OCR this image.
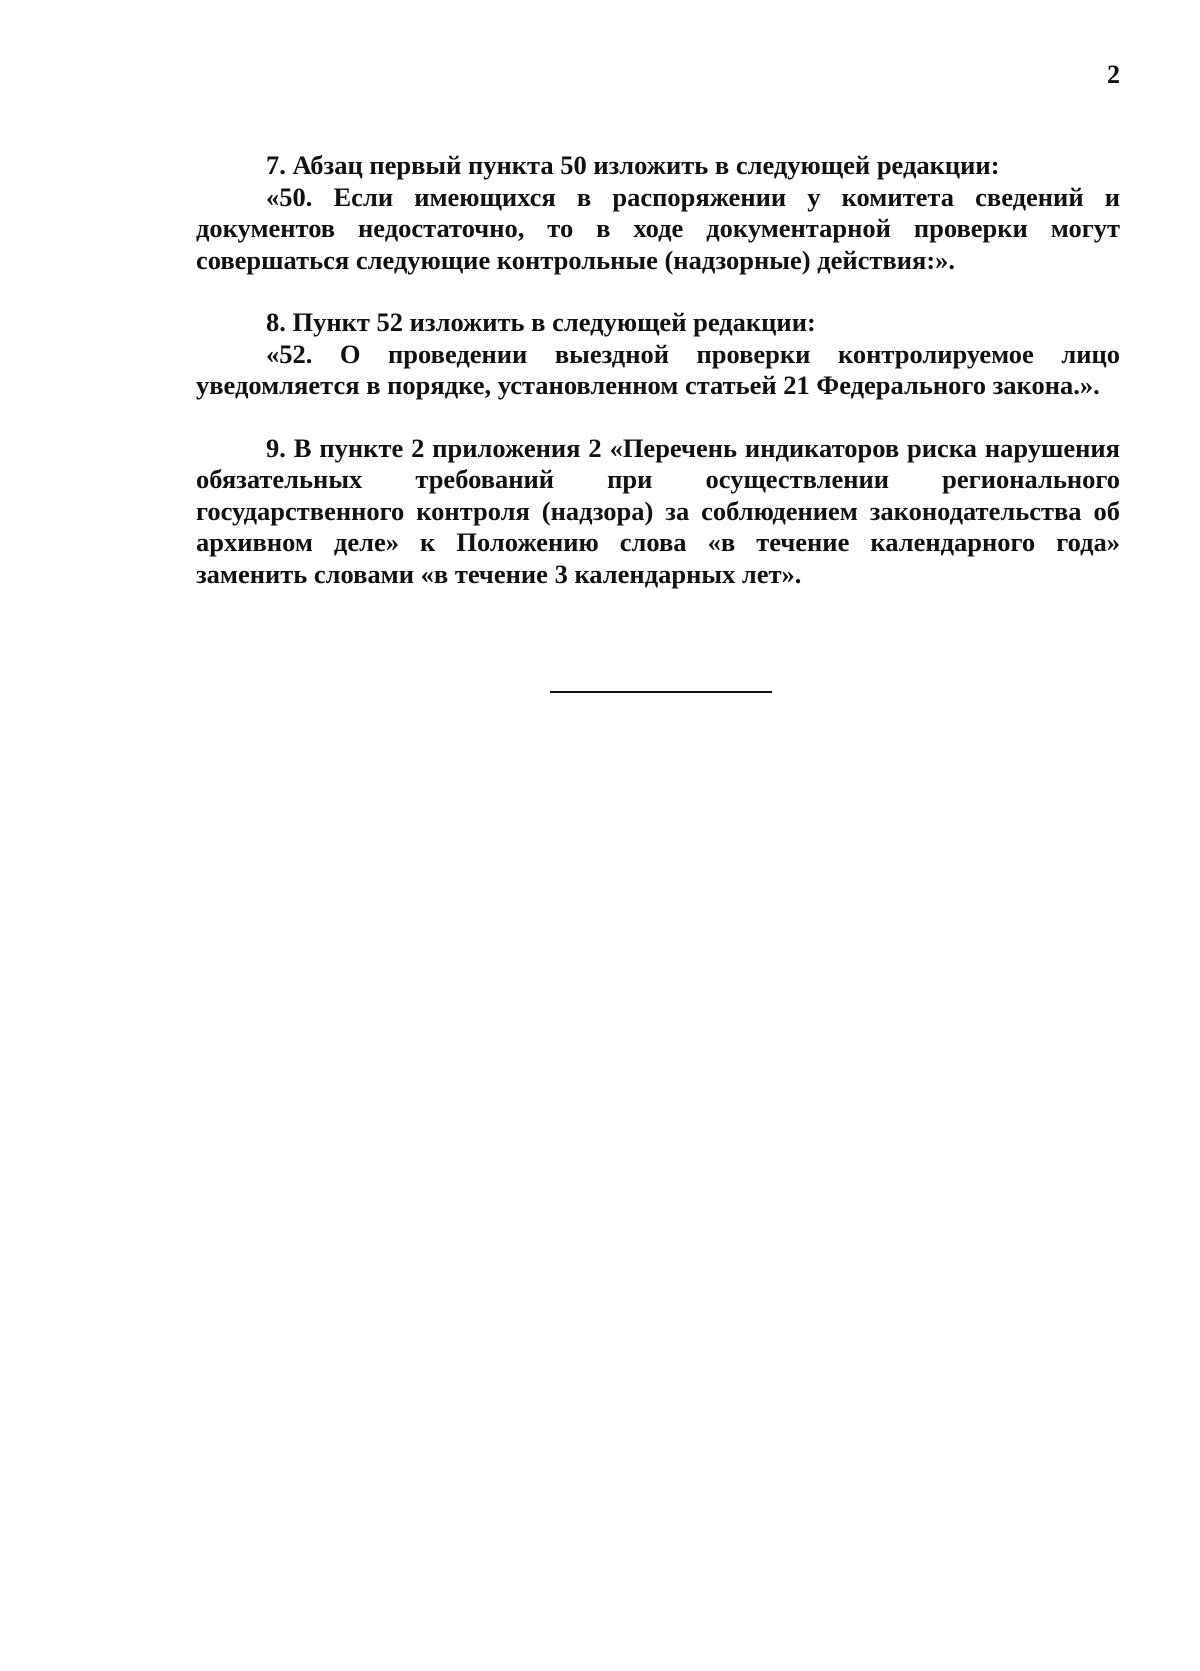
2

7. Абзац первый пункта 50 изложить в следующей редакции:

«50. Если имеющихся в распоряжении у комитета сведений и документов недостаточно, то в ходе документарной проверки могут совершаться следующие контрольные (надзорные) действия:».

8. Пункт 52 изложить в следующей редакции:

«52. О проведении выездной проверки контролируемое лицо уведомляется в порядке, установленном статьей 21 Федерального закона.».

9. В пункте 2 приложения 2 «Перечень индикаторов риска нарушения обязательных требований при осуществлении регионального государственного контроля (надзора) за соблюдением законодательства об архивном деле» к Положению слова «в течение календарного года» заменить словами «в течение 3 календарных лет».
